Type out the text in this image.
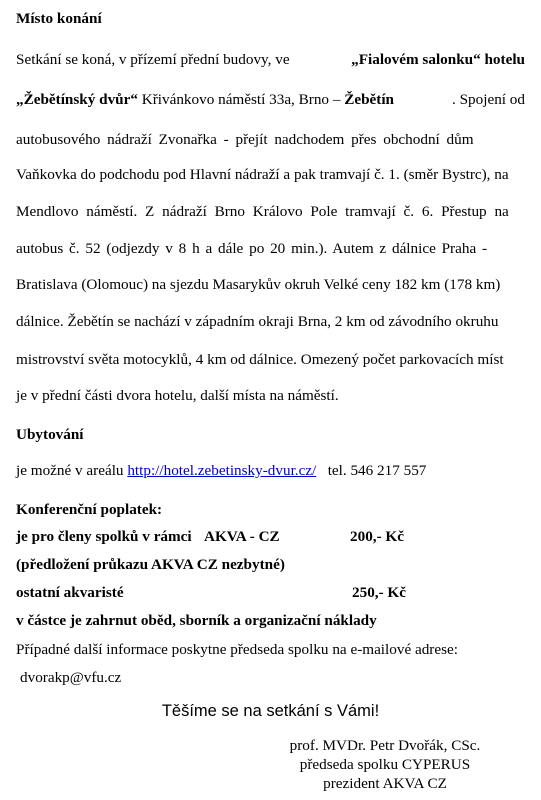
Místo konání
Setkání se koná, v přízemí přední budovy, ve	„Fialovém salonku“ hotelu
„Žebětínský dvůr“ Křivánkovo náměstí 33a, Brno – Žebětín	. Spojení od
autobusového nádraží Zvonařka - přejít nadchodem přes obchodní dům
Vaňkovka do podchodu pod Hlavní nádraží a pak tramvají č. 1. (směr Bystrc), na
Mendlovo náměstí. Z nádraží Brno Královo Pole tramvají č. 6. Přestup na
autobus č. 52 (odjezdy v 8 h a dále po 20 min.). Autem z dálnice Praha -
Bratislava (Olomouc) na sjezdu Masarykův okruh Velké ceny 182 km (178 km)
dálnice. Žebětín se nachází v západním okraji Brna, 2 km od závodního okruhu
mistrovství světa motocyklů, 4 km od dálnice. Omezený počet parkovacích míst
je v přední části dvora hotelu, další místa na náměstí.
Ubytování
je možné v areálu http://hotel.zebetinsky-dvur.cz/ tel. 546 217 557
Konferenční poplatek:
je pro členy spolků v rámci AKVA - CZ	200,- Kč
(předložení průkazu AKVA CZ nezbytné)
ostatní akvaristé	250,- Kč
v částce je zahrnut oběd, sborník a organizační náklady
Případné další informace poskytne předseda spolku na e-mailové adrese:
dvorakp@vfu.cz
Těšíme se na setkání s Vámi!
prof. MVDr. Petr Dvořák, CSc.
předseda spolku CYPERUS
prezident AKVA CZ
